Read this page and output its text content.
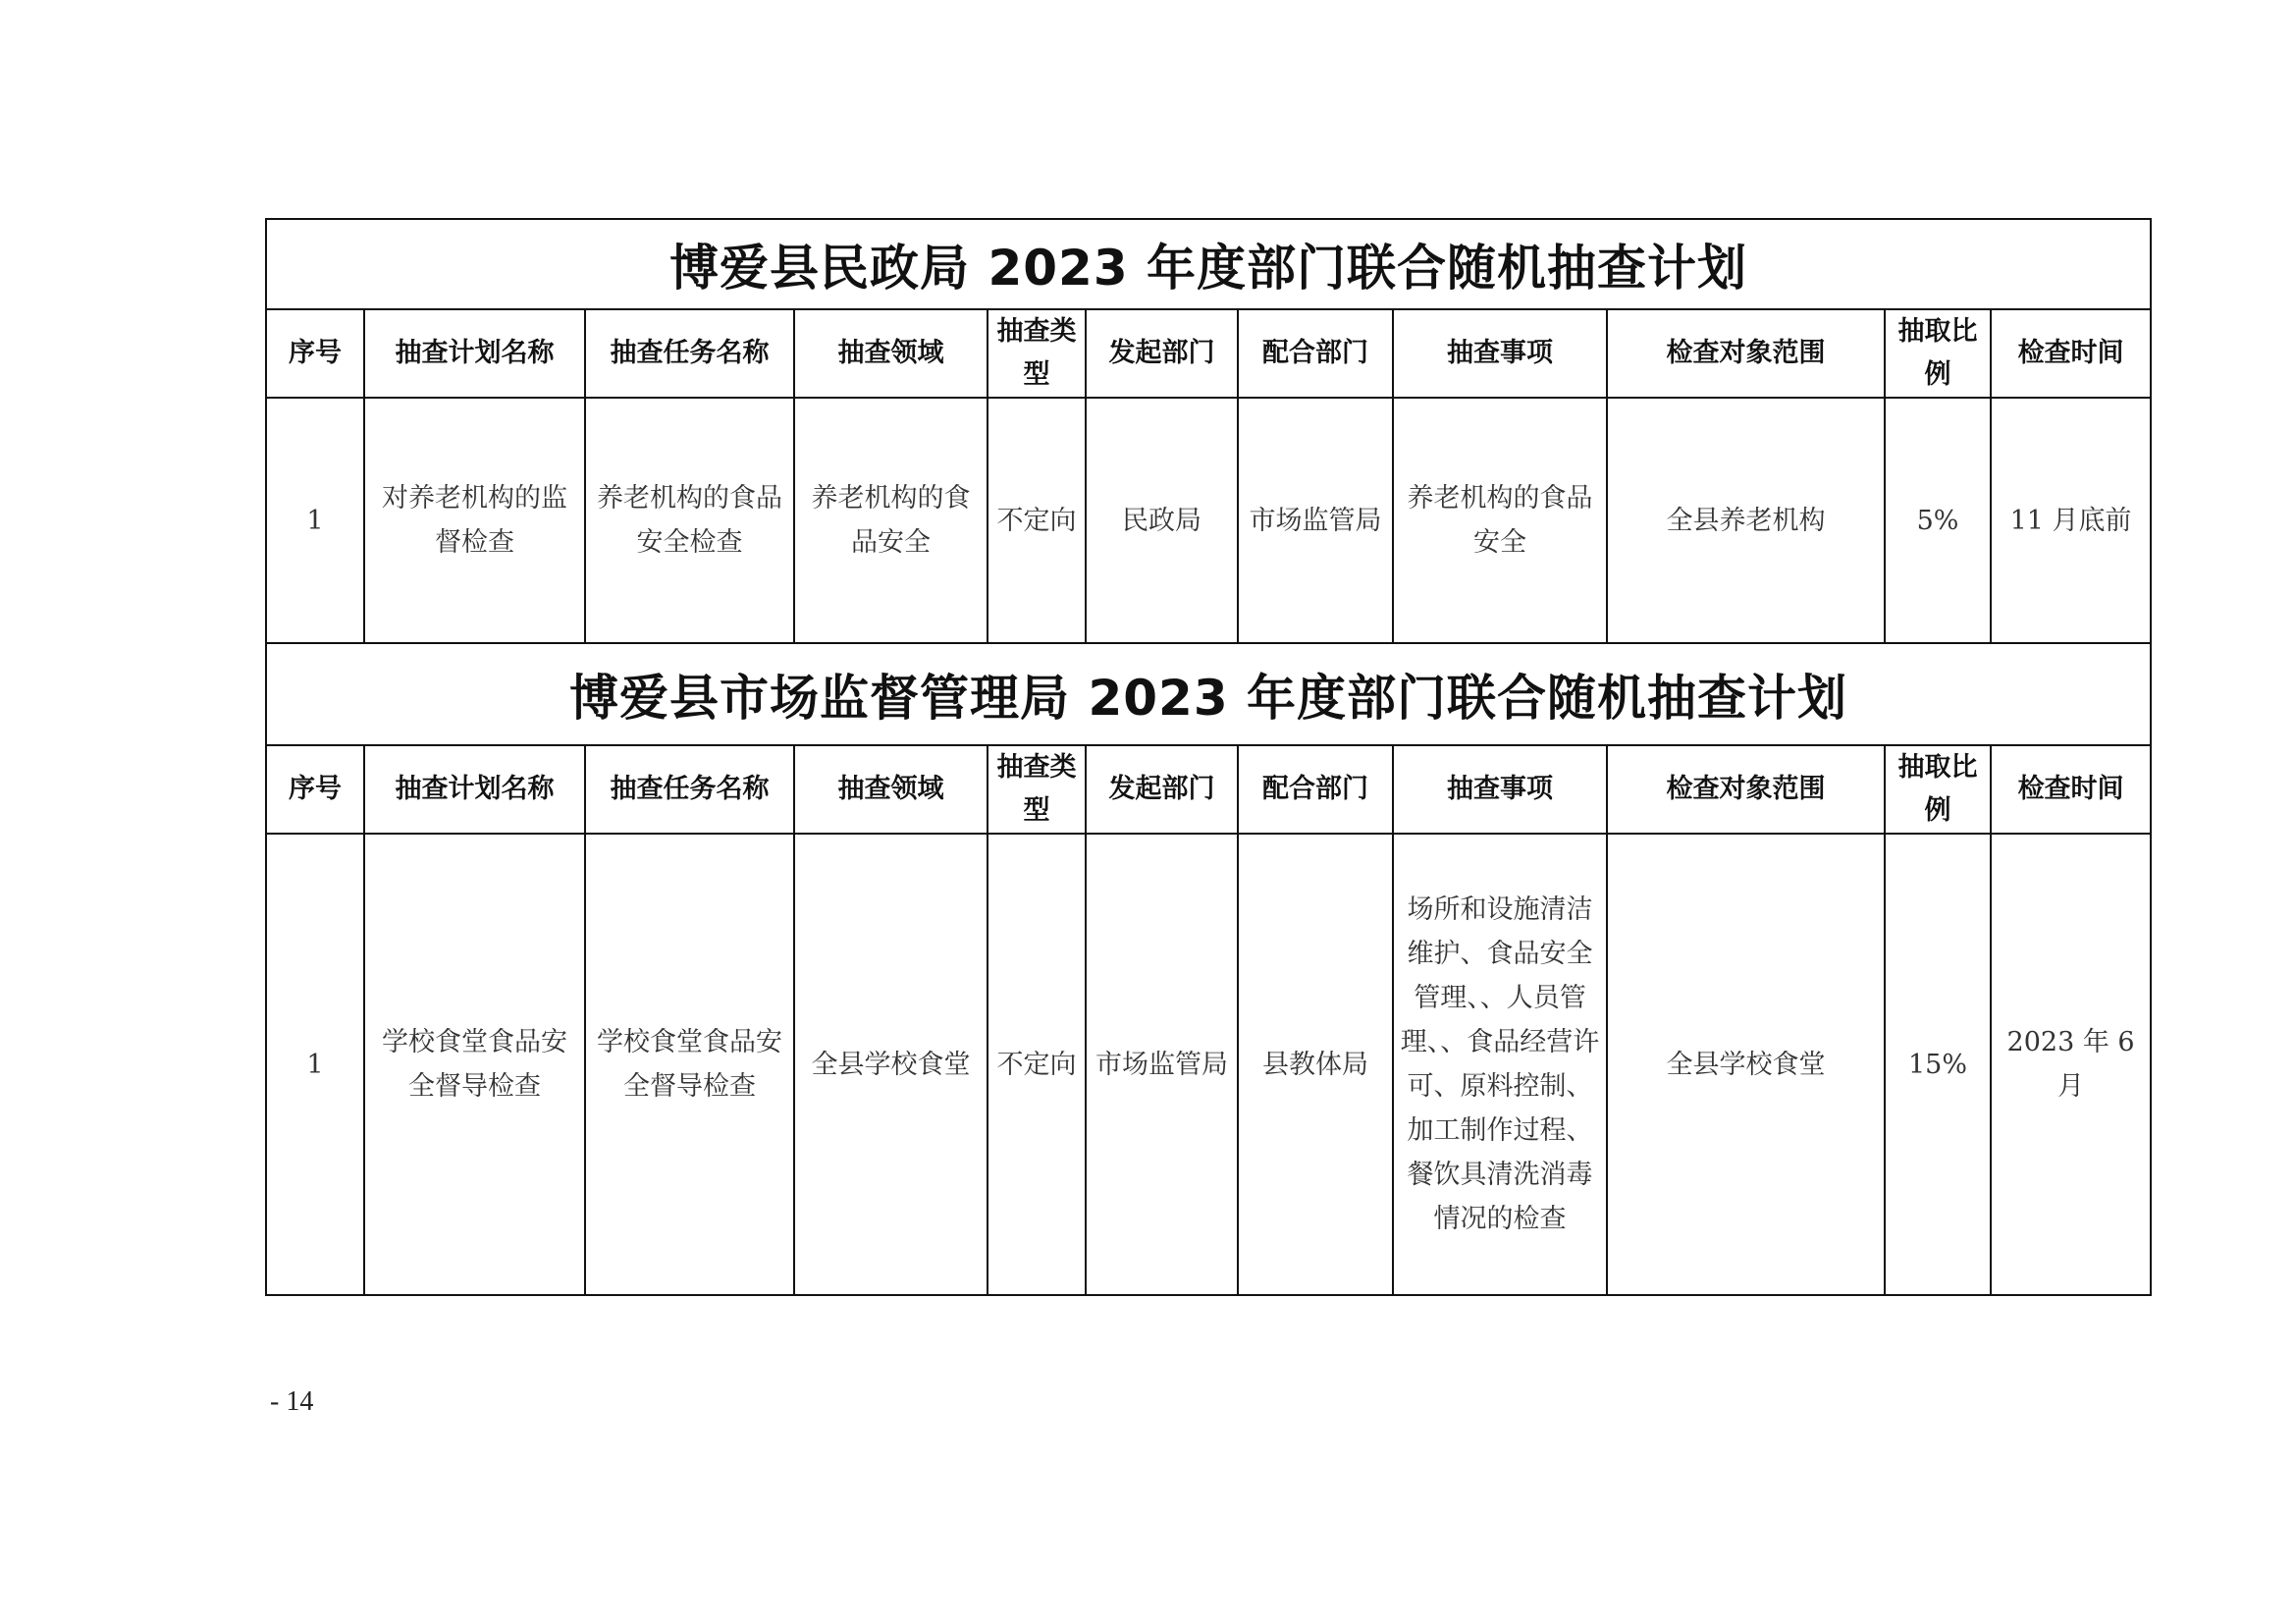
博爱县民政局 2023 年度部门联合随机抽查计划										
序号	抽查计划名称	抽查任务名称	抽查领域	抽查类型	发起部门	配合部门	抽查事项	检查对象范围	抽取比例	检查时间
1	对养老机构的监督检查	养老机构的食品安全检查	养老机构的食品安全	不定向	民政局	市场监管局	养老机构的食品安全	全县养老机构	5%	11 月底前
博爱县市场监督管理局 2023 年度部门联合随机抽查计划										
序号	抽查计划名称	抽查任务名称	抽查领域	抽查类型	发起部门	配合部门	抽查事项	检查对象范围	抽取比例	检查时间
1	学校食堂食品安全督导检查	学校食堂食品安全督导检查	全县学校食堂	不定向	市场监管局	县教体局	场所和设施清洁维护、食品安全管理、、人员管理、、食品经营许可、原料控制、加工制作过程、餐饮具清洗消毒情况的检查	全县学校食堂	15%	2023 年 6 月
- 14
